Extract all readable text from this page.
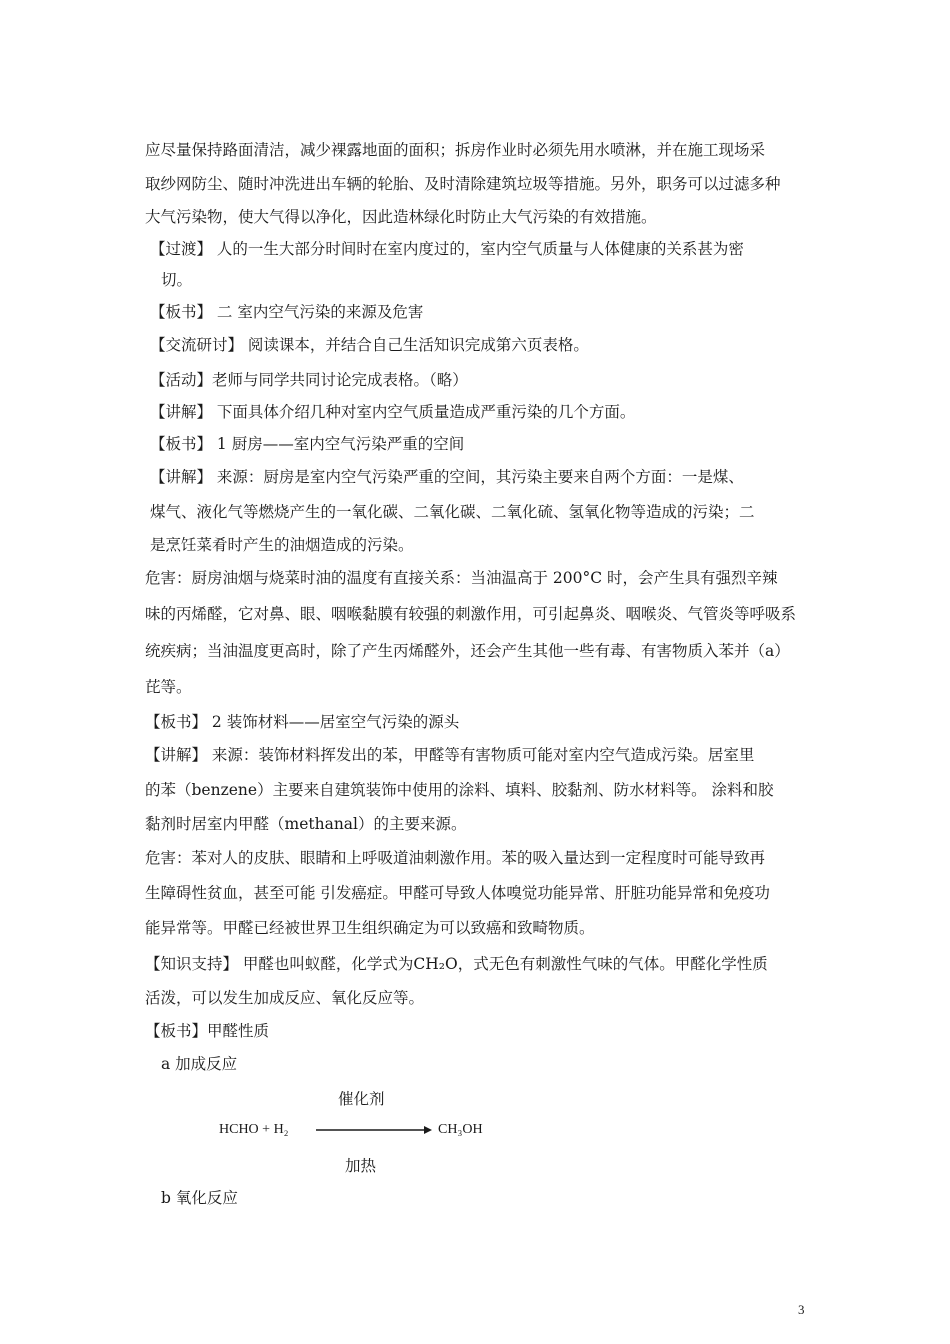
应尽量保持路面清洁，减少裸露地面的面积；拆房作业时必须先用水喷淋，并在施工现场采
取纱网防尘、随时冲洗进出车辆的轮胎、及时清除建筑垃圾等措施。另外，职务可以过滤多种
大气污染物，使大气得以净化，因此造林绿化时防止大气污染的有效措施。
【过渡】 人的一生大部分时间时在室内度过的，室内空气质量与人体健康的关系甚为密
切。
【板书】 二 室内空气污染的来源及危害
【交流研讨】 阅读课本，并结合自己生活知识完成第六页表格。
【活动】老师与同学共同讨论完成表格。（略）
【讲解】 下面具体介绍几种对室内空气质量造成严重污染的几个方面。
【板书】 1 厨房——室内空气污染严重的空间
【讲解】 来源：厨房是室内空气污染严重的空间，其污染主要来自两个方面：一是煤、
煤气、液化气等燃烧产生的一氧化碳、二氧化碳、二氧化硫、氢氧化物等造成的污染；二
是烹饪菜肴时产生的油烟造成的污染。
危害：厨房油烟与烧菜时油的温度有直接关系：当油温高于 200°C 时，会产生具有强烈辛辣
味的丙烯醛，它对鼻、眼、咽喉黏膜有较强的刺激作用，可引起鼻炎、咽喉炎、气管炎等呼吸系
统疾病；当油温度更高时，除了产生丙烯醛外，还会产生其他一些有毒、有害物质入苯并（a）
芘等。
【板书】 2 装饰材料——居室空气污染的源头
【讲解】 来源：装饰材料挥发出的苯，甲醛等有害物质可能对室内空气造成污染。居室里
的苯（benzene）主要来自建筑装饰中使用的涂料、填料、胶黏剂、防水材料等。 涂料和胶
黏剂时居室内甲醛（methanal）的主要来源。
危害：苯对人的皮肤、眼睛和上呼吸道油刺激作用。苯的吸入量达到一定程度时可能导致再
生障碍性贫血，甚至可能 引发癌症。甲醛可导致人体嗅觉功能异常、肝脏功能异常和免疫功
能异常等。甲醛已经被世界卫生组织确定为可以致癌和致畸物质。
【知识支持】 甲醛也叫蚁醛，化学式为CH₂O，式无色有刺激性气味的气体。甲醛化学性质
活泼，可以发生加成反应、氧化反应等。
【板书】甲醛性质
a 加成反应
催化剂
HCHO + H₂	CH₃OH
加热
b 氧化反应
3
